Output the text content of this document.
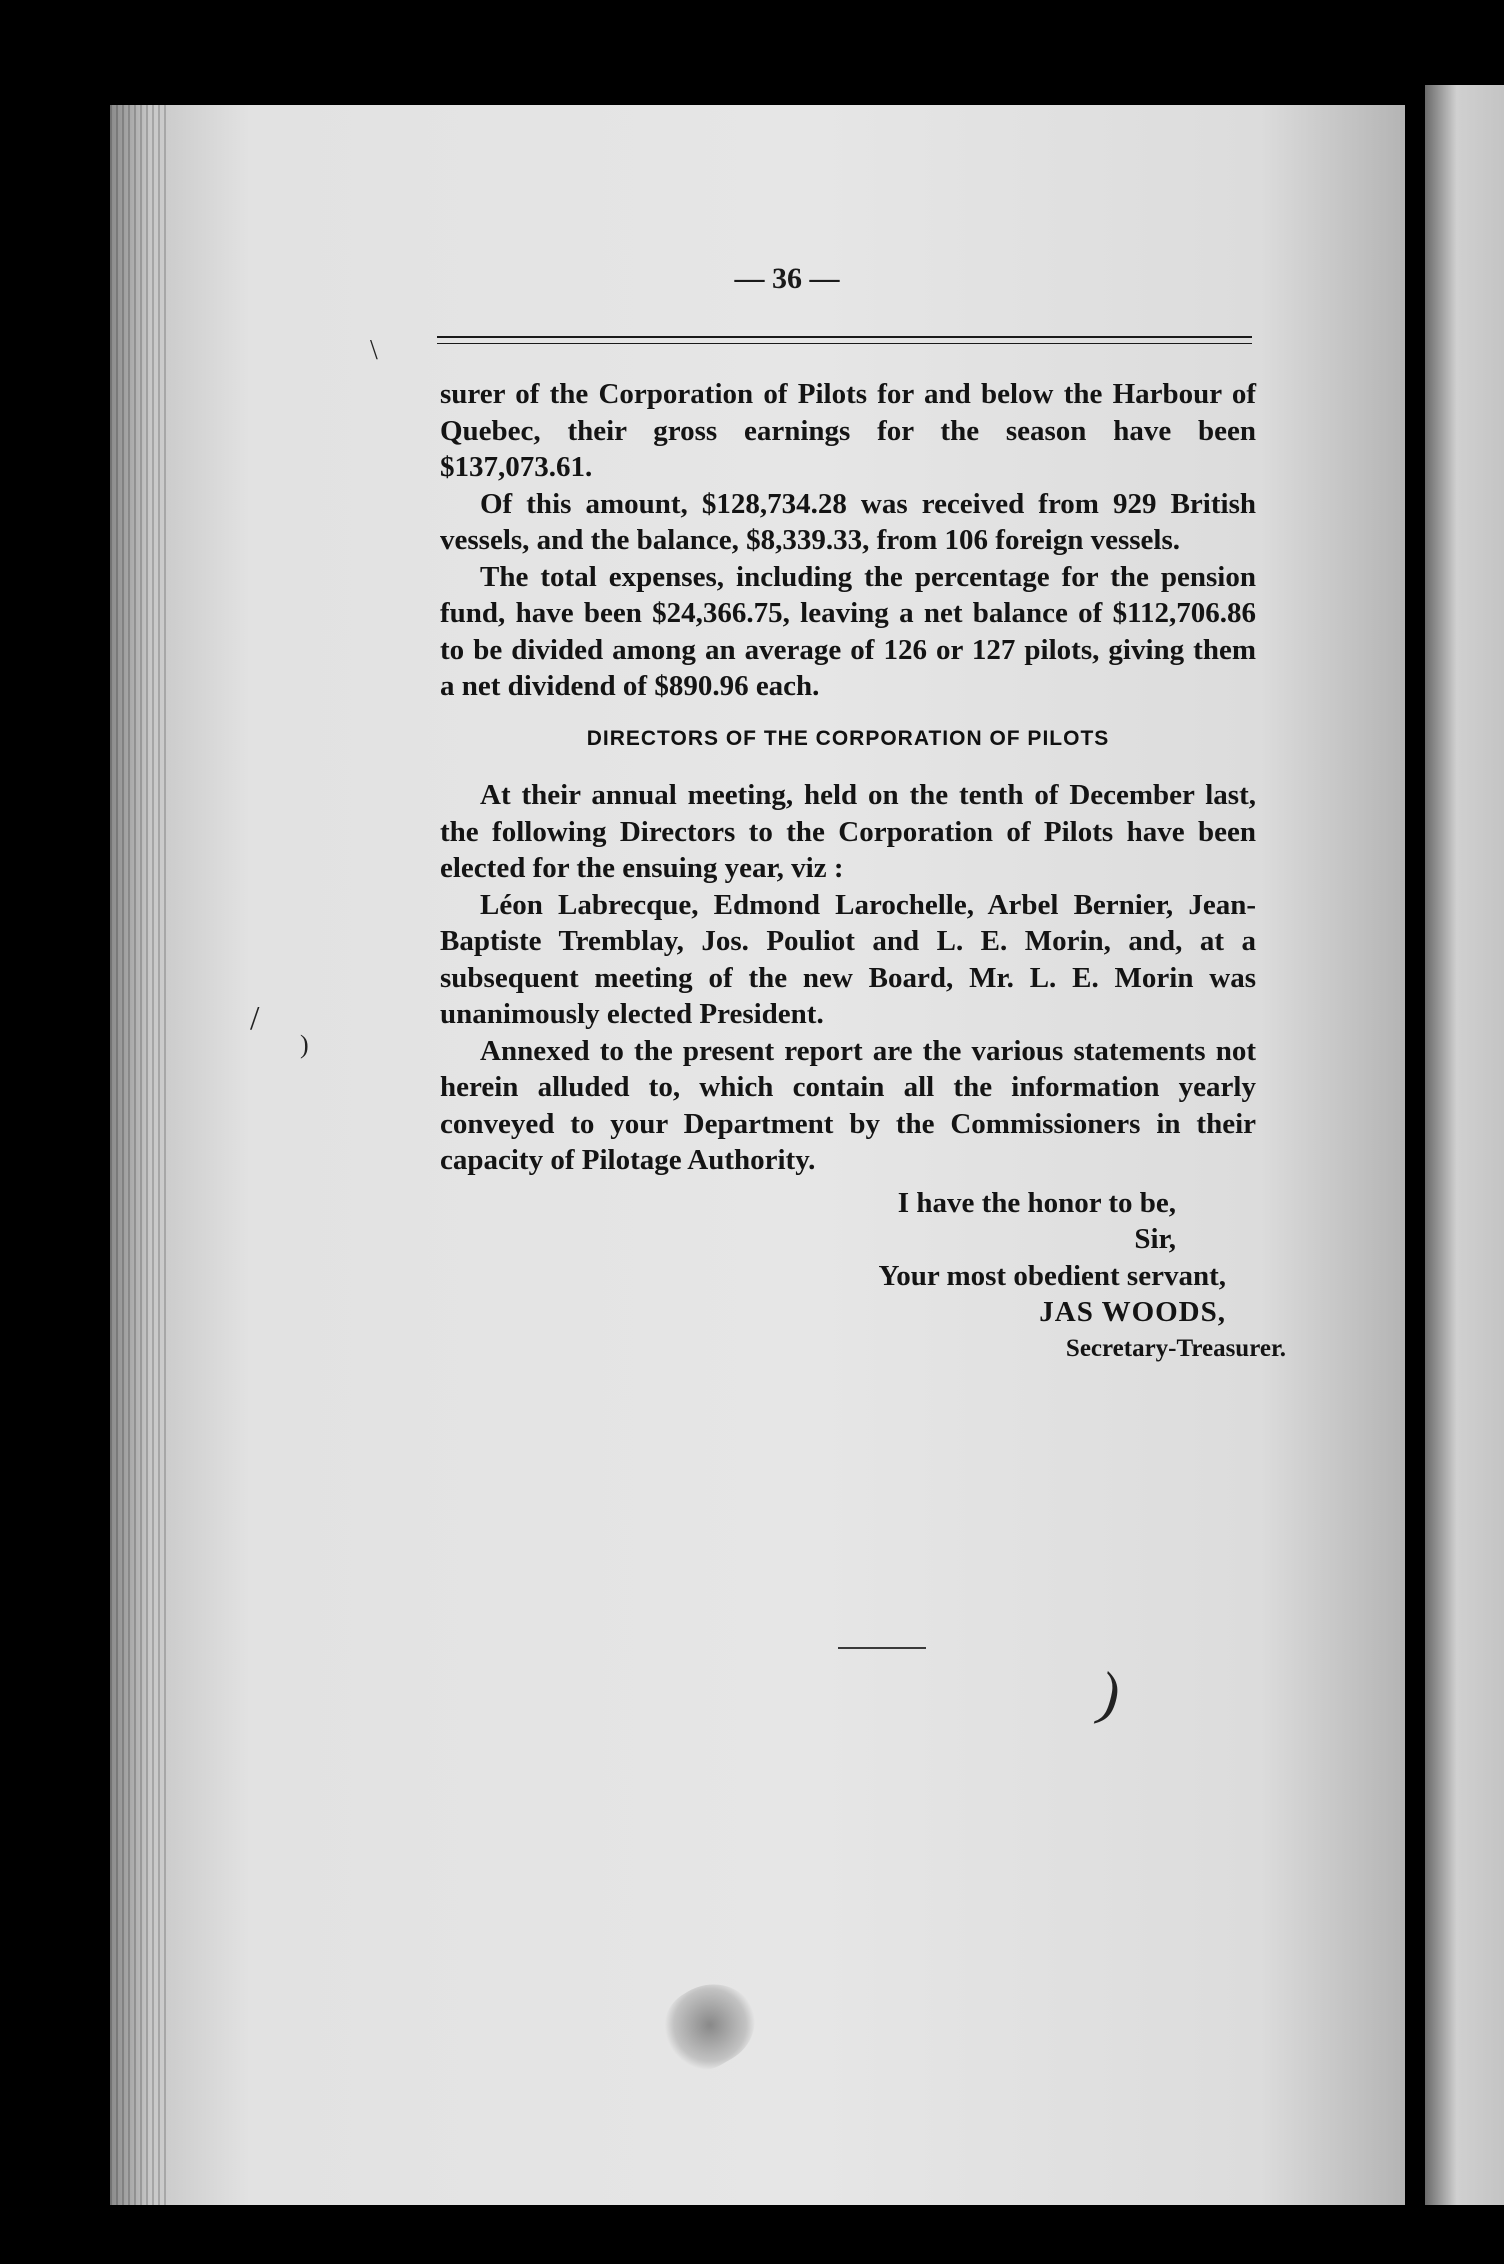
— 36 —

surer of the Corporation of Pilots for and below the Harbour of Quebec, their gross earnings for the season have been $137,073.61.

Of this amount, $128,734.28 was received from 929 British vessels, and the balance, $8,339.33, from 106 foreign vessels.

The total expenses, including the percentage for the pension fund, have been $24,366.75, leaving a net balance of $112,706.86 to be divided among an average of 126 or 127 pilots, giving them a net dividend of $890.96 each.

DIRECTORS OF THE CORPORATION OF PILOTS

At their annual meeting, held on the tenth of December last, the following Directors to the Corporation of Pilots have been elected for the ensuing year, viz :

Léon Labrecque, Edmond Larochelle, Arbel Bernier, Jean-Baptiste Tremblay, Jos. Pouliot and L. E. Morin, and, at a subsequent meeting of the new Board, Mr. L. E. Morin was unanimously elected President.

Annexed to the present report are the various statements not herein alluded to, which contain all the information yearly conveyed to your Department by the Commissioners in their capacity of Pilotage Authority.

I have the honor to be,

Sir,

Your most obedient servant,

JAS WOODS,

Secretary-Treasurer.

/
)
)
\
